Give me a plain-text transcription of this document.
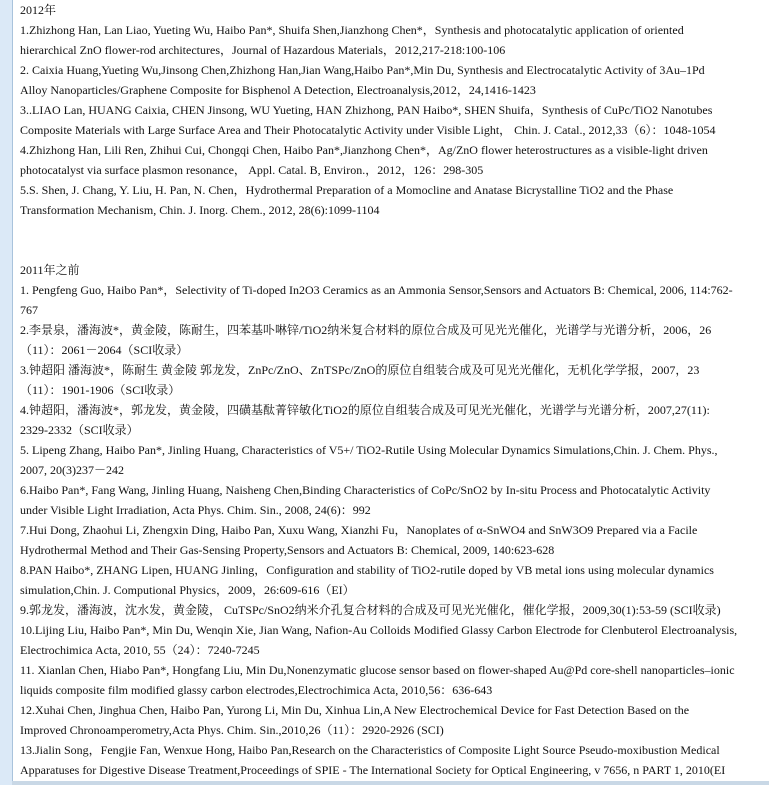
2012年
1.Zhizhong Han, Lan Liao, Yueting Wu, Haibo Pan*, Shuifa Shen,Jianzhong Chen*，Synthesis and photocatalytic application of oriented
hierarchical ZnO flower-rod architectures，Journal of Hazardous Materials，2012,217-218:100-106
2. Caixia Huang,Yueting Wu,Jinsong Chen,Zhizhong Han,Jian Wang,Haibo Pan*,Min Du, Synthesis and Electrocatalytic Activity of 3Au–1Pd
Alloy Nanoparticles/Graphene Composite for Bisphenol A Detection, Electroanalysis,2012，24,1416-1423
3..LIAO Lan, HUANG Caixia, CHEN Jinsong, WU Yueting, HAN Zhizhong, PAN Haibo*, SHEN Shuifa，Synthesis of CuPc/TiO2 Nanotubes
Composite Materials with Large Surface Area and Their Photocatalytic Activity under Visible Light， Chin. J. Catal., 2012,33（6）：1048-1054
4.Zhizhong Han, Lili Ren, Zhihui Cui, Chongqi Chen, Haibo Pan*,Jianzhong Chen*，Ag/ZnO flower heterostructures as a visible-light driven
photocatalyst via surface plasmon resonance， Appl. Catal. B, Environ.，2012，126：298-305
5.S. Shen, J. Chang, Y. Liu, H. Pan, N. Chen，Hydrothermal Preparation of a Momocline and Anatase Bicrystalline TiO2 and the Phase
Transformation Mechanism, Chin. J. Inorg. Chem., 2012, 28(6):1099-1104
2011年之前
1. Pengfeng Guo, Haibo Pan*，Selectivity of Ti-doped In2O3 Ceramics as an Ammonia Sensor,Sensors and Actuators B: Chemical, 2006, 114:762-
767
2.李景泉，潘海波*，黄金陵，陈耐生，四苯基卟啉锌/TiO2纳米复合材料的原位合成及可见光光催化，光谱学与光谱分析，2006，26
（11）：2061－2064（SCI收录）
3.钟超阳 潘海波*，陈耐生 黄金陵 郭龙发，ZnPc/ZnO、ZnTSPc/ZnO的原位自组装合成及可见光光催化，无机化学学报，2007，23
（11）：1901-1906（SCI收录）
4.钟超阳，潘海波*，郭龙发，黄金陵，四磺基酞菁锌敏化TiO2的原位自组装合成及可见光光催化，光谱学与光谱分析，2007,27(11):
2329-2332（SCI收录）
5. Lipeng Zhang, Haibo Pan*, Jinling Huang, Characteristics of V5+/ TiO2-Rutile Using Molecular Dynamics Simulations,Chin. J. Chem. Phys.,
2007, 20(3)237－242
6.Haibo Pan*, Fang Wang, Jinling Huang, Naisheng Chen,Binding Characteristics of CoPc/SnO2 by In-situ Process and Photocatalytic Activity
under Visible Light Irradiation, Acta Phys. Chim. Sin., 2008, 24(6)：992
7.Hui Dong, Zhaohui Li, Zhengxin Ding, Haibo Pan, Xuxu Wang, Xianzhi Fu，Nanoplates of α-SnWO4 and SnW3O9 Prepared via a Facile
Hydrothermal Method and Their Gas-Sensing Property,Sensors and Actuators B: Chemical, 2009, 140:623-628
8.PAN Haibo*, ZHANG Lipen, HUANG Jinling，Configuration and stability of TiO2-rutile doped by VB metal ions using molecular dynamics
simulation,Chin. J. Computional Physics，2009，26:609-616（EI）
9.郭龙发，潘海波，沈水发，黄金陵， CuTSPc/SnO2纳米介孔复合材料的合成及可见光光催化，催化学报，2009,30(1):53-59 (SCI收录)
10.Lijing Liu, Haibo Pan*, Min Du, Wenqin Xie, Jian Wang, Nafion-Au Colloids Modified Glassy Carbon Electrode for Clenbuterol Electroanalysis,
Electrochimica Acta, 2010, 55（24）：7240-7245
11. Xianlan Chen, Hiabo Pan*, Hongfang Liu, Min Du,Nonenzymatic glucose sensor based on flower-shaped Au@Pd core-shell nanoparticles–ionic
liquids composite film modified glassy carbon electrodes,Electrochimica Acta, 2010,56：636-643
12.Xuhai Chen, Jinghua Chen, Haibo Pan, Yurong Li, Min Du, Xinhua Lin,A New Electrochemical Device for Fast Detection Based on the
Improved Chronoamperometry,Acta Phys. Chim. Sin.,2010,26（11）：2920-2926 (SCI)
13.Jialin Song，Fengjie Fan, Wenxue Hong, Haibo Pan,Research on the Characteristics of Composite Light Source Pseudo-moxibustion Medical
Apparatuses for Digestive Disease Treatment,Proceedings of SPIE - The International Society for Optical Engineering, v 7656, n PART 1, 2010(EI
